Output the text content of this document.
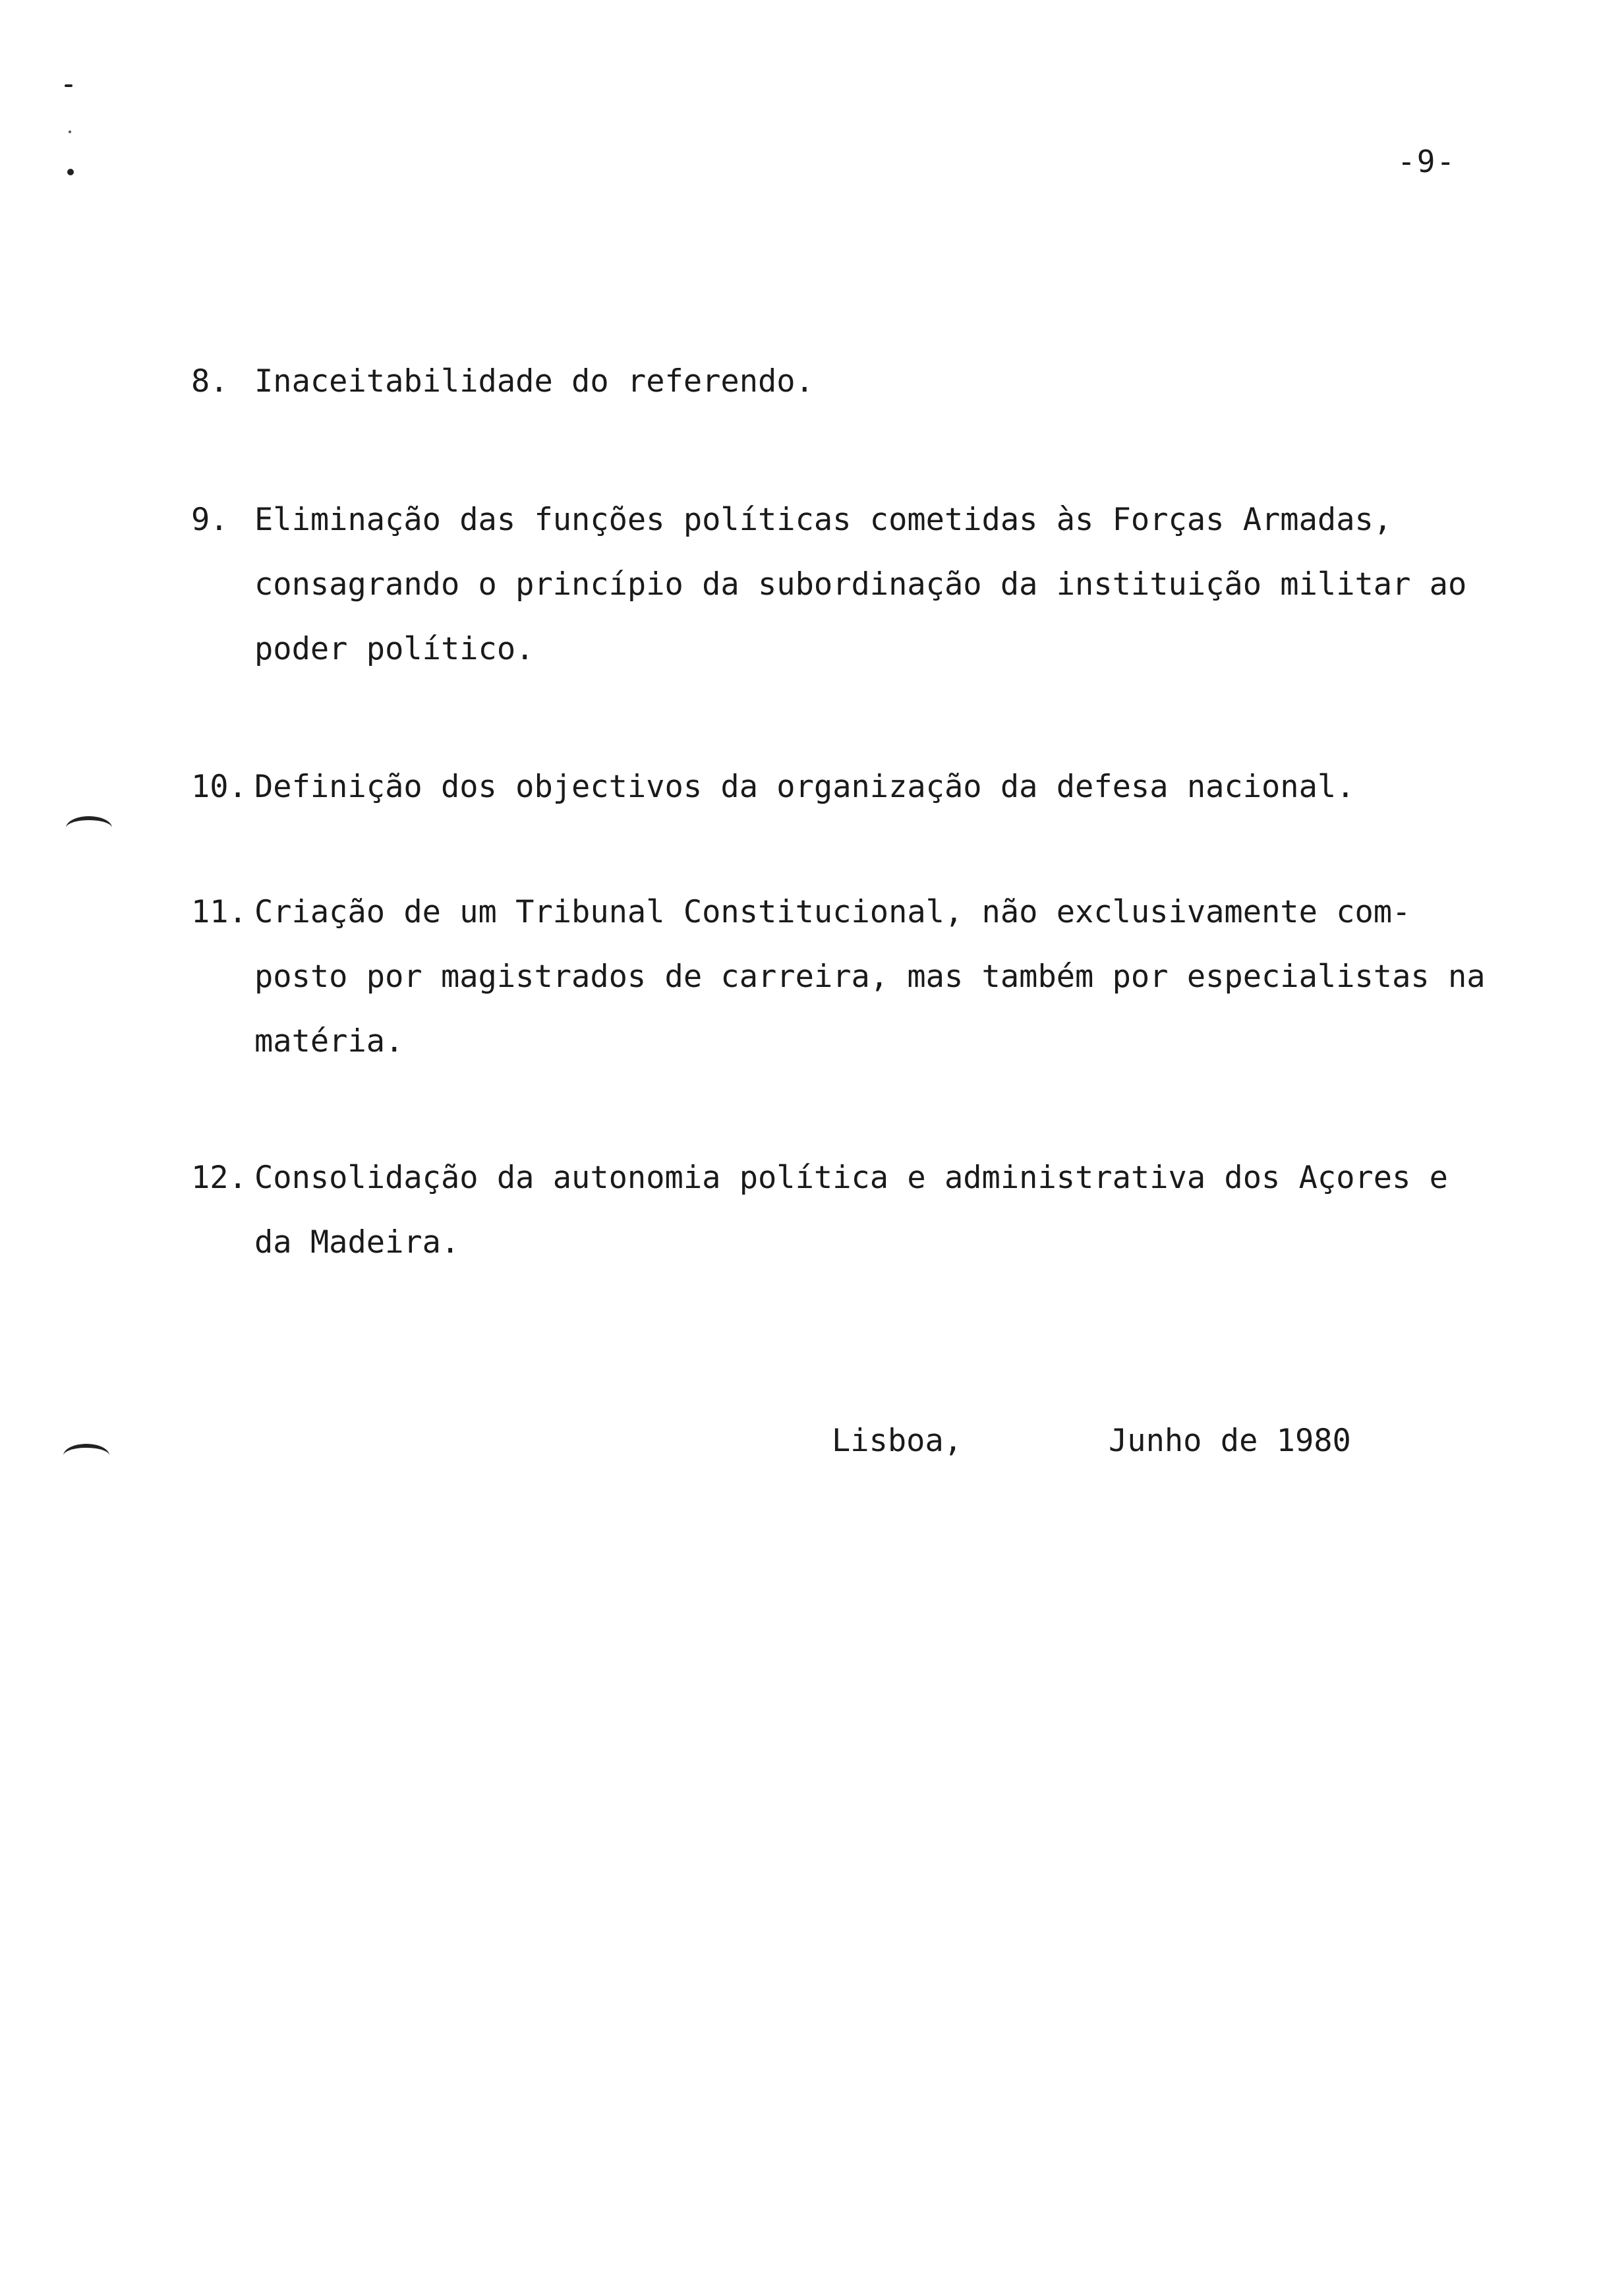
-9-
8. Inaceitabilidade do referendo.
9. Eliminação das funções políticas cometidas às Forças Armadas,
consagrando o princípio da subordinação da instituição militar ao
poder político.
10. Definição dos objectivos da organização da defesa nacional.
11. Criação de um Tribunal Constitucional, não exclusivamente com-
posto por magistrados de carreira, mas também por especialistas na
matéria.
12. Consolidação da autonomia política e administrativa dos Açores e
da Madeira.
Lisboa,	Junho de 1980
